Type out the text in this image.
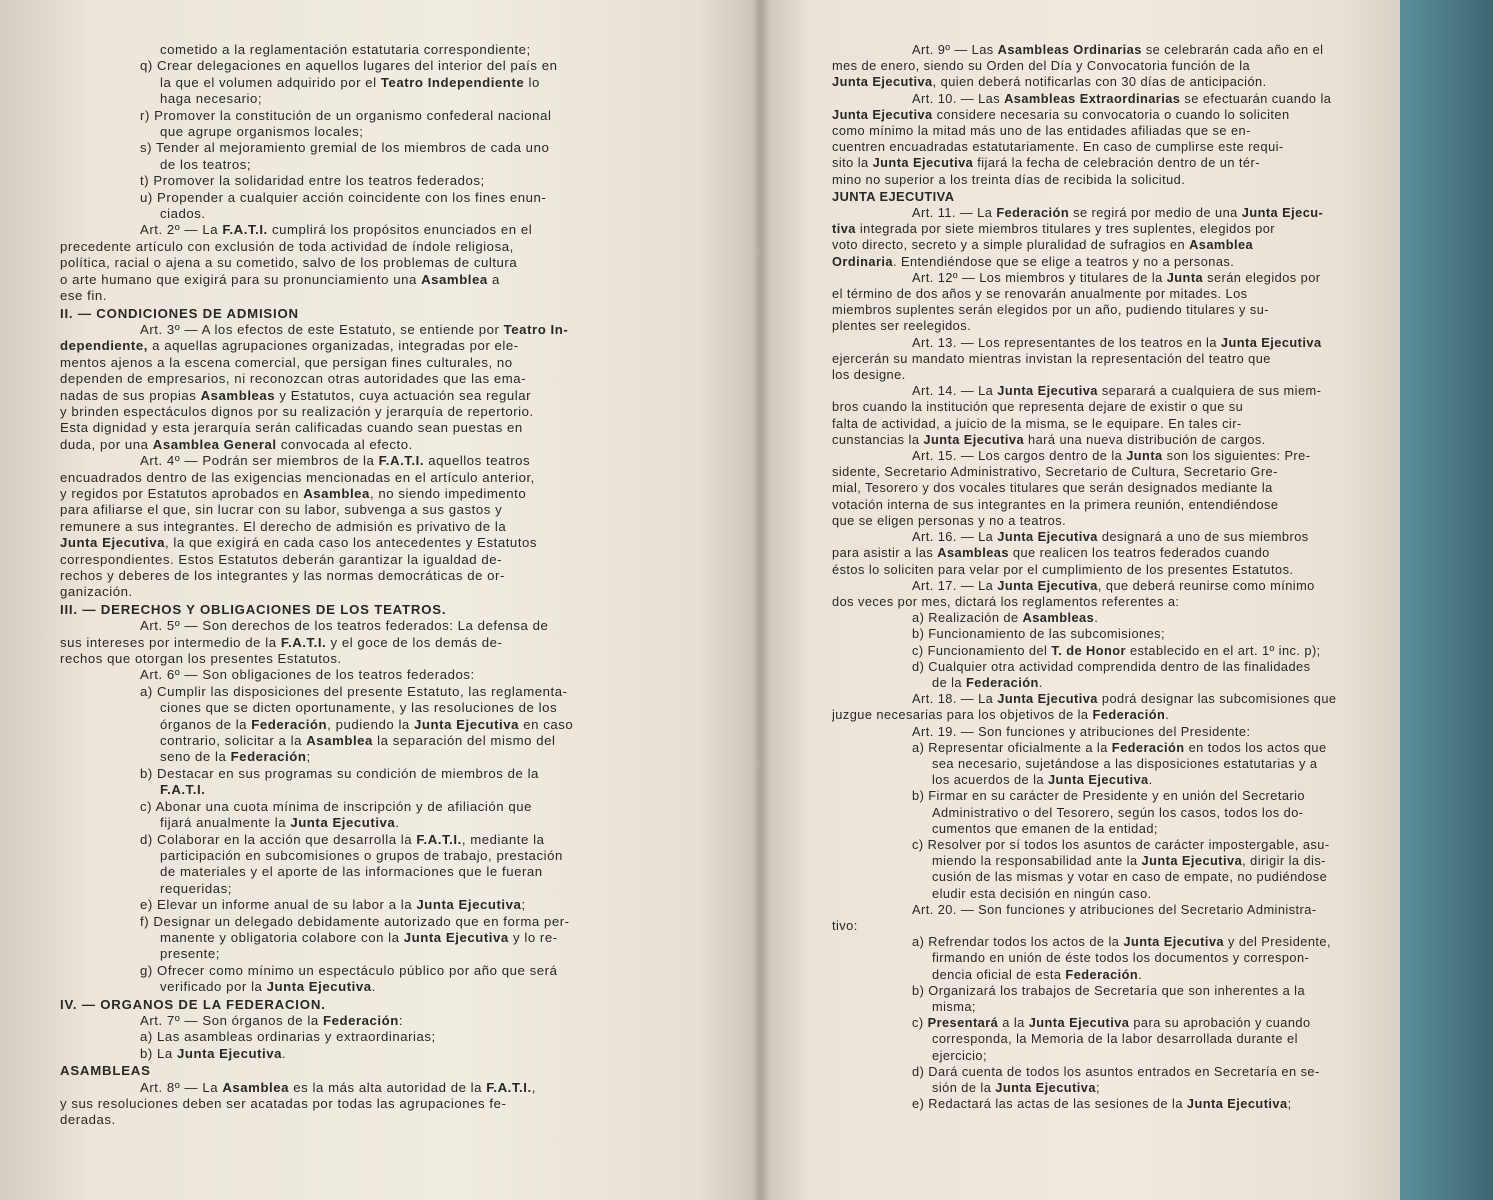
cometido a la reglamentación estatutaria correspondiente;
q) Crear delegaciones en aquellos lugares del interior del país en
la que el volumen adquirido por el Teatro Independiente lo
haga necesario;
r) Promover la constitución de un organismo confederal nacional
que agrupe organismos locales;
s) Tender al mejoramiento gremial de los miembros de cada uno
de los teatros;
t) Promover la solidaridad entre los teatros federados;
u) Propender a cualquier acción coincidente con los fines enun-
ciados.
Art. 2º — La F.A.T.I. cumplirá los propósitos enunciados en el
precedente artículo con exclusión de toda actividad de índole religiosa,
política, racial o ajena a su cometido, salvo de los problemas de cultura
o arte humano que exigirá para su pronunciamiento una Asamblea a
ese fin.
II. — CONDICIONES DE ADMISION
Art. 3º — A los efectos de este Estatuto, se entiende por Teatro In-
dependiente, a aquellas agrupaciones organizadas, integradas por ele-
mentos ajenos a la escena comercial, que persigan fines culturales, no
dependen de empresarios, ni reconozcan otras autoridades que las ema-
nadas de sus propias Asambleas y Estatutos, cuya actuación sea regular
y brinden espectáculos dignos por su realización y jerarquía de repertorio.
Esta dignidad y esta jerarquía serán calificadas cuando sean puestas en
duda, por una Asamblea General convocada al efecto.
Art. 4º — Podrán ser miembros de la F.A.T.I. aquellos teatros
encuadrados dentro de las exigencias mencionadas en el artículo anterior,
y regidos por Estatutos aprobados en Asamblea, no siendo impedimento
para afiliarse el que, sin lucrar con su labor, subvenga a sus gastos y
remunere a sus integrantes. El derecho de admisión es privativo de la
Junta Ejecutiva, la que exigirá en cada caso los antecedentes y Estatutos
correspondientes. Estos Estatutos deberán garantizar la igualdad de-
rechos y deberes de los integrantes y las normas democráticas de or-
ganización.
III. — DERECHOS Y OBLIGACIONES DE LOS TEATROS.
Art. 5º — Son derechos de los teatros federados: La defensa de
sus intereses por intermedio de la F.A.T.I. y el goce de los demás de-
rechos que otorgan los presentes Estatutos.
Art. 6º — Son obligaciones de los teatros federados:
a) Cumplir las disposiciones del presente Estatuto, las reglamenta-
ciones que se dicten oportunamente, y las resoluciones de los
órganos de la Federación, pudiendo la Junta Ejecutiva en caso
contrario, solicitar a la Asamblea la separación del mismo del
seno de la Federación;
b) Destacar en sus programas su condición de miembros de la
F.A.T.I.
c) Abonar una cuota mínima de inscripción y de afiliación que
fijará anualmente la Junta Ejecutiva.
d) Colaborar en la acción que desarrolla la F.A.T.I., mediante la
participación en subcomisiones o grupos de trabajo, prestación
de materiales y el aporte de las informaciones que le fueran
requeridas;
e) Elevar un informe anual de su labor a la Junta Ejecutiva;
f) Designar un delegado debidamente autorizado que en forma per-
manente y obligatoria colabore con la Junta Ejecutiva y lo re-
presente;
g) Ofrecer como mínimo un espectáculo público por año que será
verificado por la Junta Ejecutiva.
IV. — ORGANOS DE LA FEDERACION.
Art. 7º — Son órganos de la Federación:
a) Las asambleas ordinarias y extraordinarias;
b) La Junta Ejecutiva.
ASAMBLEAS
Art. 8º — La Asamblea es la más alta autoridad de la F.A.T.I.,
y sus resoluciones deben ser acatadas por todas las agrupaciones fe-
deradas.
Art. 9º — Las Asambleas Ordinarias se celebrarán cada año en el
mes de enero, siendo su Orden del Día y Convocatoria función de la
Junta Ejecutiva, quien deberá notificarlas con 30 días de anticipación.
Art. 10. — Las Asambleas Extraordinarias se efectuarán cuando la
Junta Ejecutiva considere necesaria su convocatoria o cuando lo soliciten
como mínimo la mitad más uno de las entidades afiliadas que se en-
cuentren encuadradas estatutariamente. En caso de cumplirse este requi-
sito la Junta Ejecutiva fijará la fecha de celebración dentro de un tér-
mino no superior a los treinta días de recibida la solicitud.
JUNTA EJECUTIVA
Art. 11. — La Federación se regirá por medio de una Junta Ejecu-
tiva integrada por siete miembros titulares y tres suplentes, elegidos por
voto directo, secreto y a simple pluralidad de sufragios en Asamblea
Ordinaria. Entendiéndose que se elige a teatros y no a personas.
Art. 12º — Los miembros y titulares de la Junta serán elegidos por
el término de dos años y se renovarán anualmente por mitades. Los
miembros suplentes serán elegidos por un año, pudiendo titulares y su-
plentes ser reelegidos.
Art. 13. — Los representantes de los teatros en la Junta Ejecutiva
ejercerán su mandato mientras invistan la representación del teatro que
los designe.
Art. 14. — La Junta Ejecutiva separará a cualquiera de sus miem-
bros cuando la institución que representa dejare de existir o que su
falta de actividad, a juicio de la misma, se le equipare. En tales cir-
cunstancias la Junta Ejecutiva hará una nueva distribución de cargos.
Art. 15. — Los cargos dentro de la Junta son los siguientes: Pre-
sidente, Secretario Administrativo, Secretario de Cultura, Secretario Gre-
mial, Tesorero y dos vocales titulares que serán designados mediante la
votación interna de sus integrantes en la primera reunión, entendiéndose
que se eligen personas y no a teatros.
Art. 16. — La Junta Ejecutiva designará a uno de sus miembros
para asistir a las Asambleas que realicen los teatros federados cuando
éstos lo soliciten para velar por el cumplimiento de los presentes Estatutos.
Art. 17. — La Junta Ejecutiva, que deberá reunirse como mínimo
dos veces por mes, dictará los reglamentos referentes a:
a) Realización de Asambleas.
b) Funcionamiento de las subcomisiones;
c) Funcionamiento del T. de Honor establecido en el art. 1º inc. p);
d) Cualquier otra actividad comprendida dentro de las finalidades
de la Federación.
Art. 18. — La Junta Ejecutiva podrá designar las subcomisiones que
juzgue necesarias para los objetivos de la Federación.
Art. 19. — Son funciones y atribuciones del Presidente:
a) Representar oficialmente a la Federación en todos los actos que
sea necesario, sujetándose a las disposiciones estatutarias y a
los acuerdos de la Junta Ejecutiva.
b) Firmar en su carácter de Presidente y en unión del Secretario
Administrativo o del Tesorero, según los casos, todos los do-
cumentos que emanen de la entidad;
c) Resolver por sí todos los asuntos de carácter impostergable, asu-
miendo la responsabilidad ante la Junta Ejecutiva, dirigir la dis-
cusión de las mismas y votar en caso de empate, no pudiéndose
eludir esta decisión en ningún caso.
Art. 20. — Son funciones y atribuciones del Secretario Administra-
tivo:
a) Refrendar todos los actos de la Junta Ejecutiva y del Presidente,
firmando en unión de éste todos los documentos y correspon-
dencia oficial de esta Federación.
b) Organizará los trabajos de Secretaría que son inherentes a la
misma;
c) Presentará a la Junta Ejecutiva para su aprobación y cuando
corresponda, la Memoria de la labor desarrollada durante el
ejercicio;
d) Dará cuenta de todos los asuntos entrados en Secretaría en se-
sión de la Junta Ejecutiva;
e) Redactará las actas de las sesiones de la Junta Ejecutiva;
